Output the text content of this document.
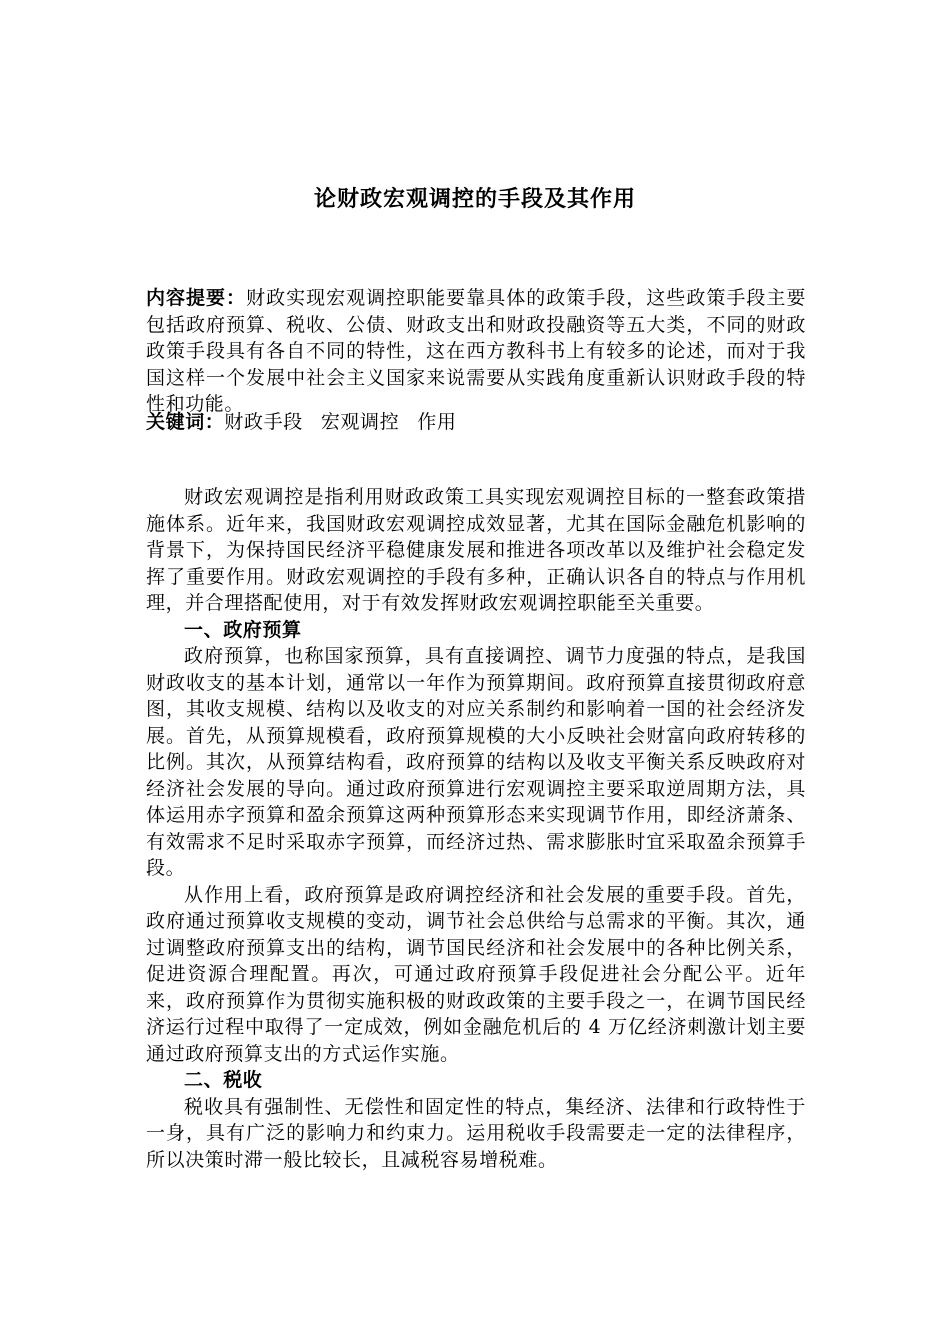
论财政宏观调控的手段及其作用

内容提要：财政实现宏观调控职能要靠具体的政策手段，这些政策手段主要包括政府预算、税收、公债、财政支出和财政投融资等五大类，不同的财政政策手段具有各自不同的特性，这在西方教科书上有较多的论述，而对于我国这样一个发展中社会主义国家来说需要从实践角度重新认识财政手段的特性和功能。

关键词：财政手段 宏观调控 作用

财政宏观调控是指利用财政政策工具实现宏观调控目标的一整套政策措施体系。近年来，我国财政宏观调控成效显著，尤其在国际金融危机影响的背景下，为保持国民经济平稳健康发展和推进各项改革以及维护社会稳定发挥了重要作用。财政宏观调控的手段有多种，正确认识各自的特点与作用机理，并合理搭配使用，对于有效发挥财政宏观调控职能至关重要。

一、政府预算

政府预算，也称国家预算，具有直接调控、调节力度强的特点，是我国财政收支的基本计划，通常以一年作为预算期间。政府预算直接贯彻政府意图，其收支规模、结构以及收支的对应关系制约和影响着一国的社会经济发展。首先，从预算规模看，政府预算规模的大小反映社会财富向政府转移的比例。其次，从预算结构看，政府预算的结构以及收支平衡关系反映政府对经济社会发展的导向。通过政府预算进行宏观调控主要采取逆周期方法，具体运用赤字预算和盈余预算这两种预算形态来实现调节作用，即经济萧条、有效需求不足时采取赤字预算，而经济过热、需求膨胀时宜采取盈余预算手段。

从作用上看，政府预算是政府调控经济和社会发展的重要手段。首先，政府通过预算收支规模的变动，调节社会总供给与总需求的平衡。其次，通过调整政府预算支出的结构，调节国民经济和社会发展中的各种比例关系，促进资源合理配置。再次，可通过政府预算手段促进社会分配公平。近年来，政府预算作为贯彻实施积极的财政政策的主要手段之一，在调节国民经济运行过程中取得了一定成效，例如金融危机后的 4 万亿经济刺激计划主要通过政府预算支出的方式运作实施。

二、税收

税收具有强制性、无偿性和固定性的特点，集经济、法律和行政特性于一身，具有广泛的影响力和约束力。运用税收手段需要走一定的法律程序，所以决策时滞一般比较长，且减税容易增税难。
